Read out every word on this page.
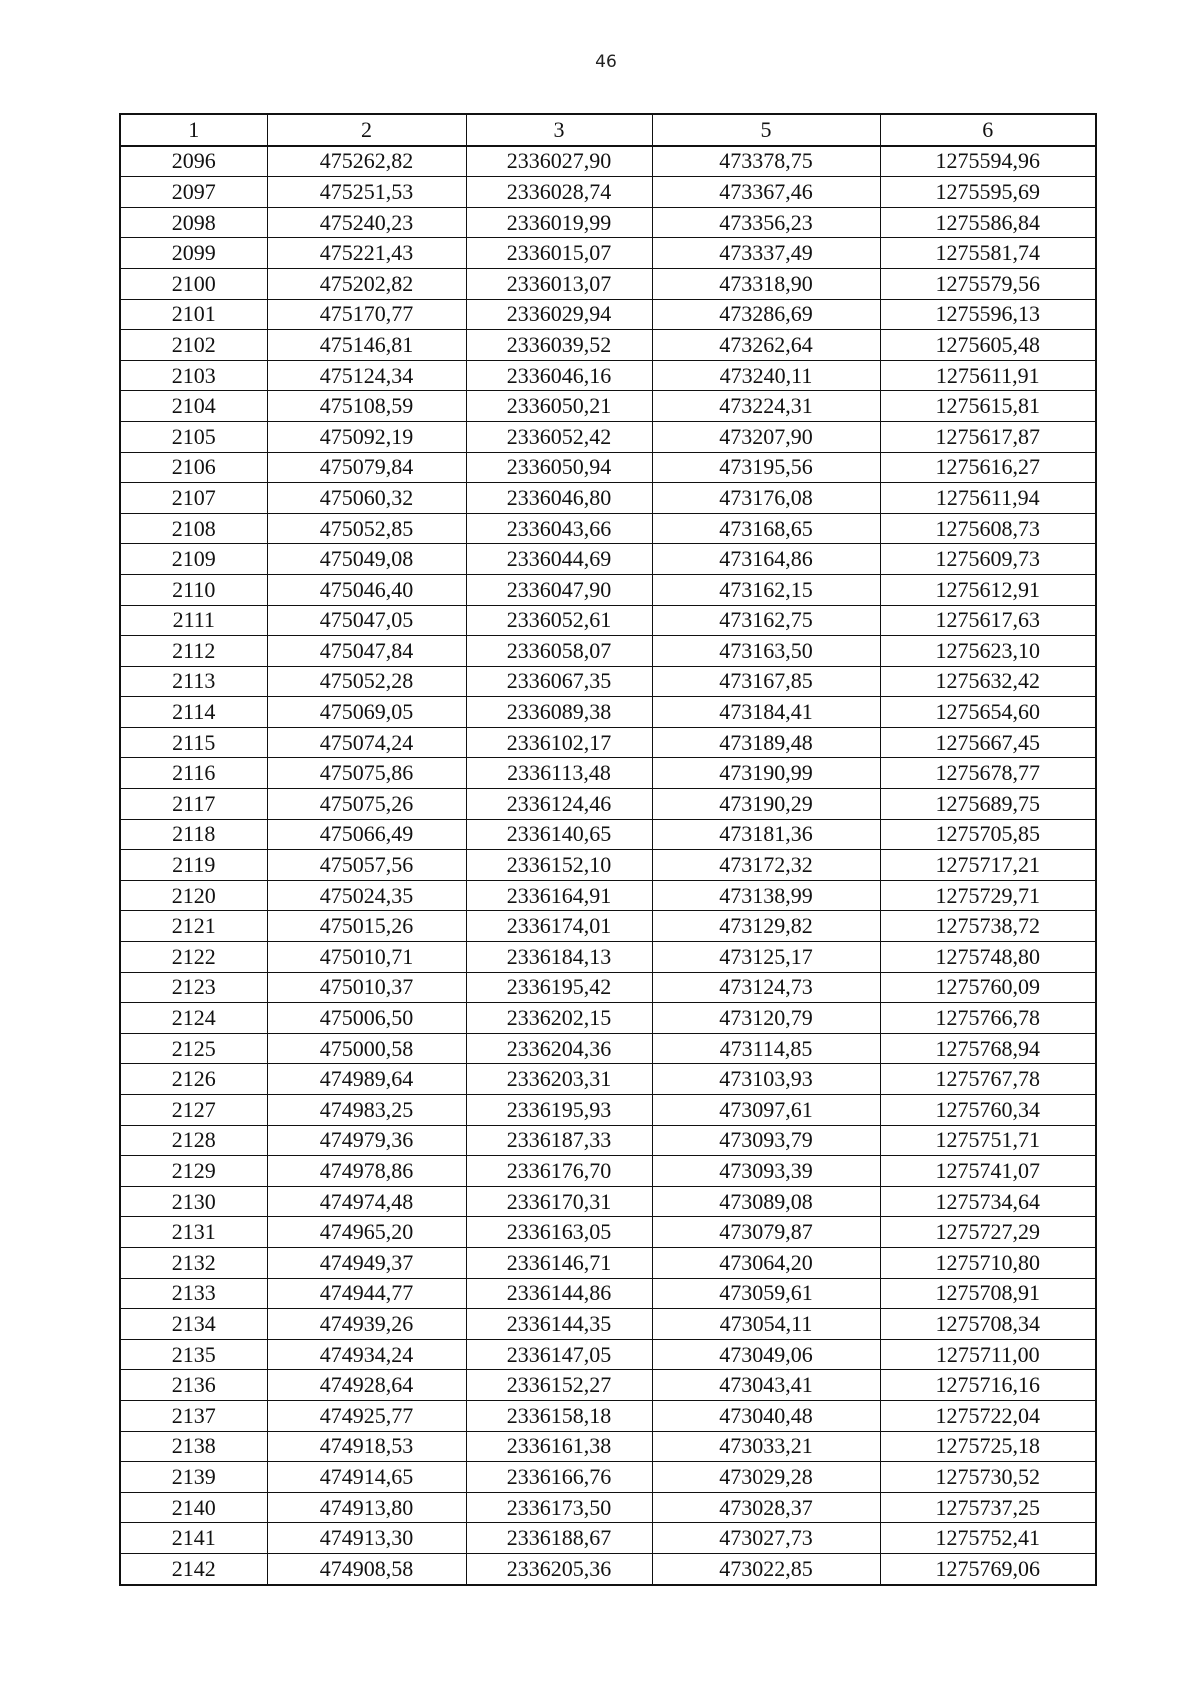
46
1	2	3	5	6
2096	475262,82	2336027,90	473378,75	1275594,96
2097	475251,53	2336028,74	473367,46	1275595,69
2098	475240,23	2336019,99	473356,23	1275586,84
2099	475221,43	2336015,07	473337,49	1275581,74
2100	475202,82	2336013,07	473318,90	1275579,56
2101	475170,77	2336029,94	473286,69	1275596,13
2102	475146,81	2336039,52	473262,64	1275605,48
2103	475124,34	2336046,16	473240,11	1275611,91
2104	475108,59	2336050,21	473224,31	1275615,81
2105	475092,19	2336052,42	473207,90	1275617,87
2106	475079,84	2336050,94	473195,56	1275616,27
2107	475060,32	2336046,80	473176,08	1275611,94
2108	475052,85	2336043,66	473168,65	1275608,73
2109	475049,08	2336044,69	473164,86	1275609,73
2110	475046,40	2336047,90	473162,15	1275612,91
2111	475047,05	2336052,61	473162,75	1275617,63
2112	475047,84	2336058,07	473163,50	1275623,10
2113	475052,28	2336067,35	473167,85	1275632,42
2114	475069,05	2336089,38	473184,41	1275654,60
2115	475074,24	2336102,17	473189,48	1275667,45
2116	475075,86	2336113,48	473190,99	1275678,77
2117	475075,26	2336124,46	473190,29	1275689,75
2118	475066,49	2336140,65	473181,36	1275705,85
2119	475057,56	2336152,10	473172,32	1275717,21
2120	475024,35	2336164,91	473138,99	1275729,71
2121	475015,26	2336174,01	473129,82	1275738,72
2122	475010,71	2336184,13	473125,17	1275748,80
2123	475010,37	2336195,42	473124,73	1275760,09
2124	475006,50	2336202,15	473120,79	1275766,78
2125	475000,58	2336204,36	473114,85	1275768,94
2126	474989,64	2336203,31	473103,93	1275767,78
2127	474983,25	2336195,93	473097,61	1275760,34
2128	474979,36	2336187,33	473093,79	1275751,71
2129	474978,86	2336176,70	473093,39	1275741,07
2130	474974,48	2336170,31	473089,08	1275734,64
2131	474965,20	2336163,05	473079,87	1275727,29
2132	474949,37	2336146,71	473064,20	1275710,80
2133	474944,77	2336144,86	473059,61	1275708,91
2134	474939,26	2336144,35	473054,11	1275708,34
2135	474934,24	2336147,05	473049,06	1275711,00
2136	474928,64	2336152,27	473043,41	1275716,16
2137	474925,77	2336158,18	473040,48	1275722,04
2138	474918,53	2336161,38	473033,21	1275725,18
2139	474914,65	2336166,76	473029,28	1275730,52
2140	474913,80	2336173,50	473028,37	1275737,25
2141	474913,30	2336188,67	473027,73	1275752,41
2142	474908,58	2336205,36	473022,85	1275769,06
